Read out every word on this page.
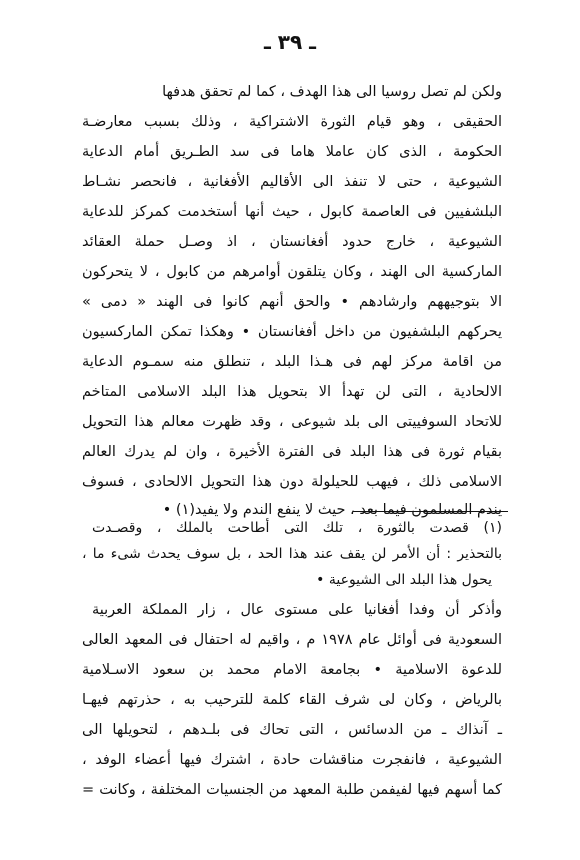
ـ ٣٩ ـ
ولكن لم تصل روسيا الى هذا الهدف ، كما لم تحقق هدفها
الحقيقى ، وهو قيام الثورة الاشتراكية ، وذلك بسبب معارضـة
الحكومة ، الذى كان عاملا هاما فى سد الطـريق أمام الدعاية
الشيوعية ، حتى لا تنفذ الى الأقاليم الأفغانية ، فانحصر نشـاط
البلشفيين فى العاصمة كابول ، حيث أنها أستخدمت كمركز للدعاية
الشيوعية ، خارج حدود أفغانستان ، اذ وصـل حملة العقائد
الماركسية الى الهند ، وكان يتلقون أوامرهم من كابول ، لا يتحركون
الا بتوجيههم وارشادهم • والحق أنهم كانوا فى الهند « دمى »
يحركهم البلشفيون من داخل أفغانستان • وهكذا تمكن الماركسيون
من اقامة مركز لهم فى هـذا البلد ، تنطلق منه سمـوم الدعاية
الالحادية ، التى لن تهدأ الا بتحويل هذا البلد الاسلامى المتاخم
للاتحاد السوفييتى الى بلد شيوعى ، وقد ظهرت معالم هذا التحويل
بقيام ثورة فى هذا البلد فى الفترة الأخيرة ، وان لم يدرك العالم
الاسلامى ذلك ، فيهب للحيلولة دون هذا التحويل الالحادى ، فسوف
يندم المسلمون فيما بعد ، حيث لا ينفع الندم ولا يفيد(١) •
(١) قصدت بالثورة ، تلك التى أطاحت بالملك ، وقصـدت
بالتحذير : أن الأمر لن يقف عند هذا الحد ، بل سوف يحدث شىء ما ،
يحول هذا البلد الى الشيوعية •
وأذكر أن وفدا أفغانيا على مستوى عال ، زار المملكة العربية
السعودية فى أوائل عام ١٩٧٨ م ، واقيم له احتفال فى المعهد العالى
للدعوة الاسلامية • بجامعة الامام محمد بن سعود الاسـلامية
بالرياض ، وكان لى شرف القاء كلمة للترحيب به ، حذرتهم فيهـا
ـ آنذاك ـ من الدسائس ، التى تحاك فى بلـدهم ، لتحويلها الى
الشيوعية ، فانفجرت مناقشات حادة ، اشترك فيها أعضاء الوفد ،
كما أسهم فيها لفيفمن طلبة المعهد من الجنسيات المختلفة ، وكانت =
